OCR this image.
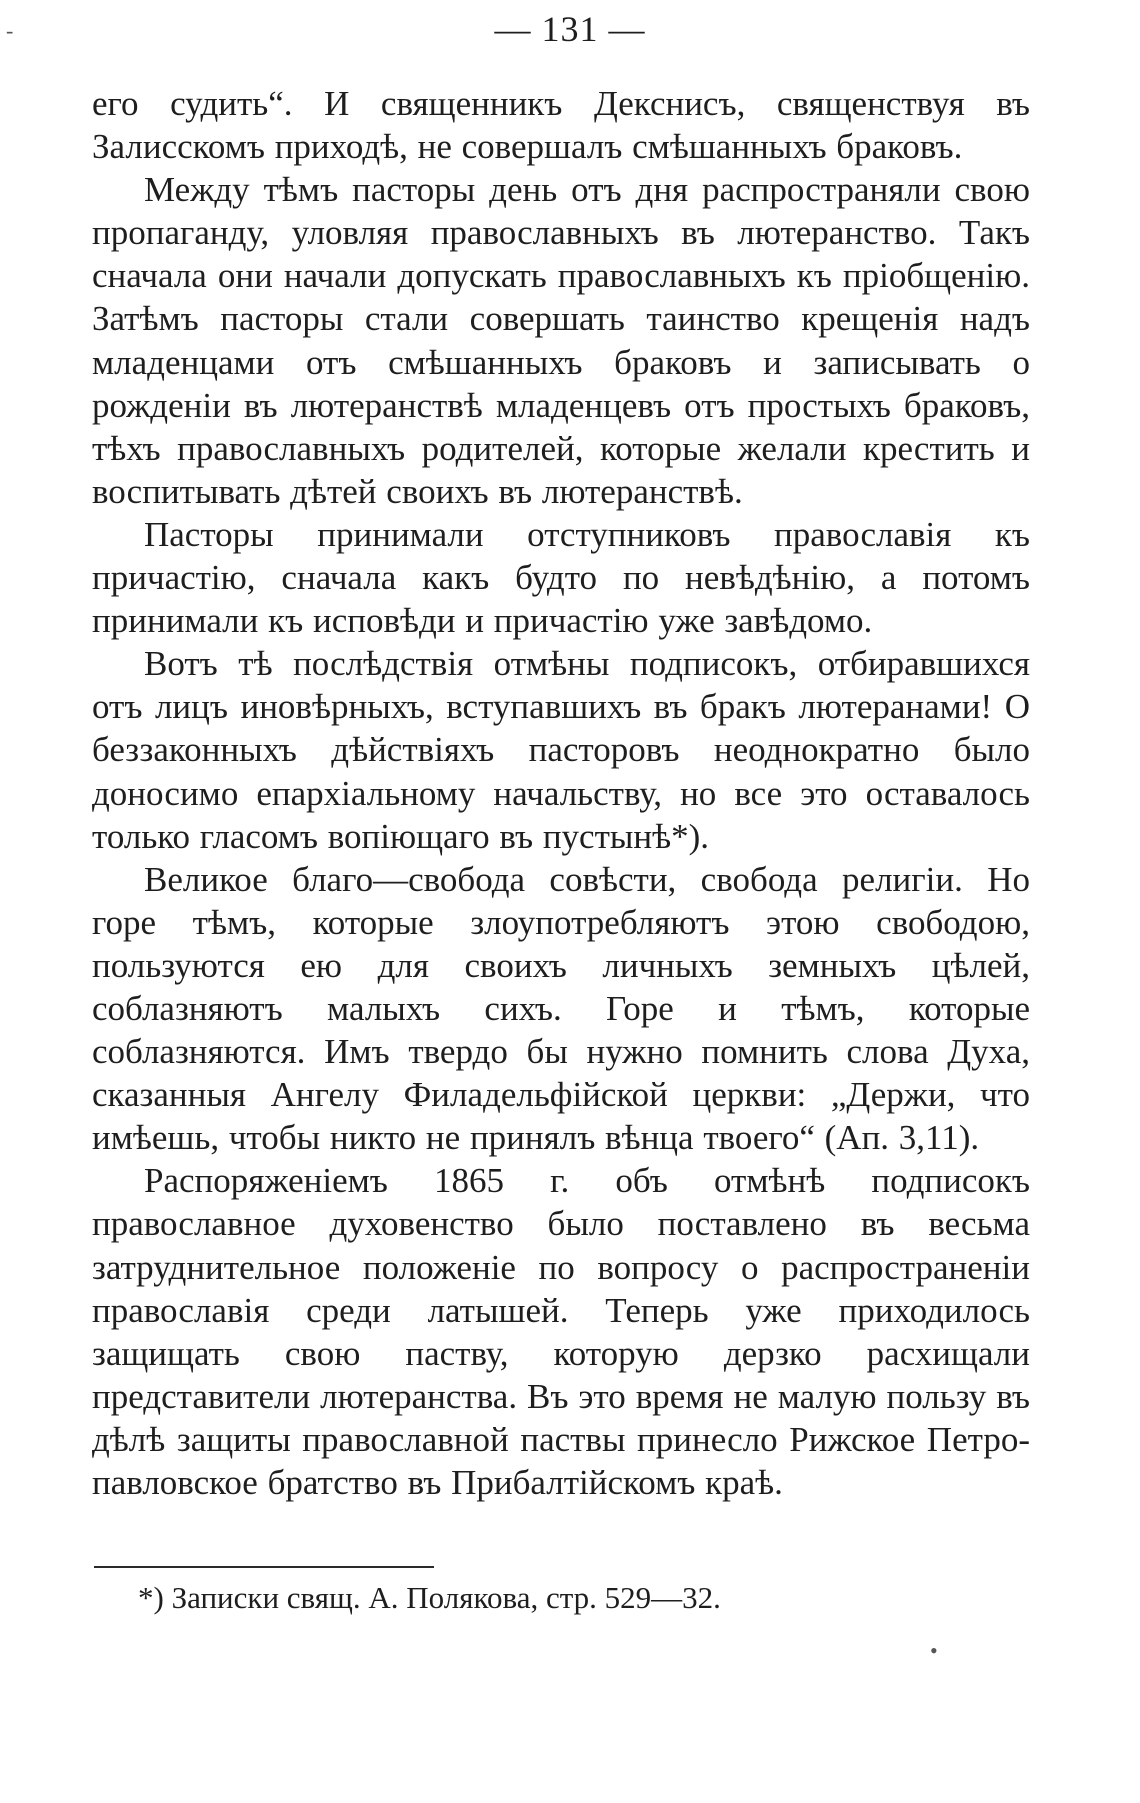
— 131 —

его судить“. И священникъ Декснисъ, священствуя въ Залисскомъ приходѣ, не совершалъ смѣшанныхъ браковъ.

Между тѣмъ пасторы день отъ дня распространяли свою пропаганду, уловляя православныхъ въ лютеранство. Такъ сначала они начали допускать православныхъ къ пріобщенію. Затѣмъ пасторы стали совершать таинство крещенія надъ младенцами отъ смѣшанныхъ браковъ и записывать о рожденіи въ лютеранствѣ младенцевъ отъ простыхъ браковъ, тѣхъ православныхъ родителей, которые желали крестить и воспитывать дѣтей своихъ въ лютеранствѣ.

Пасторы принимали отступниковъ православія къ причастію, сначала какъ будто по невѣдѣнію, а потомъ принимали къ исповѣди и причастію уже завѣдомо.

Вотъ тѣ послѣдствія отмѣны подписокъ, отбиравшихся отъ лицъ иновѣрныхъ, вступавшихъ въ бракъ лютеранами! О беззаконныхъ дѣйствіяхъ пасторовъ неоднократно было доносимо епархіальному начальству, но все это оставалось только гласомъ вопіющаго въ пустынѣ*).

Великое благо—свобода совѣсти, свобода религіи. Но горе тѣмъ, которые злоупотребляютъ этою свободою, пользуются ею для своихъ личныхъ земныхъ цѣлей, соблазняютъ малыхъ сихъ. Горе и тѣмъ, которые соблазняются. Имъ твердо бы нужно помнить слова Духа, сказанныя Ангелу Филадельфійской церкви: „Держи, что имѣешь, чтобы никто не принялъ вѣнца твоего“ (Ап. 3,11).

Распоряженіемъ 1865 г. объ отмѣнѣ подписокъ православное духовенство было поставлено въ весьма затруднительное положеніе по вопросу о распространеніи православія среди латышей. Теперь уже приходилось защищать свою паству, которую дерзко расхищали представители лютеранства. Въ это время не малую пользу въ дѣлѣ защиты православной паствы принесло Рижское Петро-павловское братство въ Прибалтійскомъ краѣ.

*) Записки свящ. А. Полякова, стр. 529—32.
-
•
